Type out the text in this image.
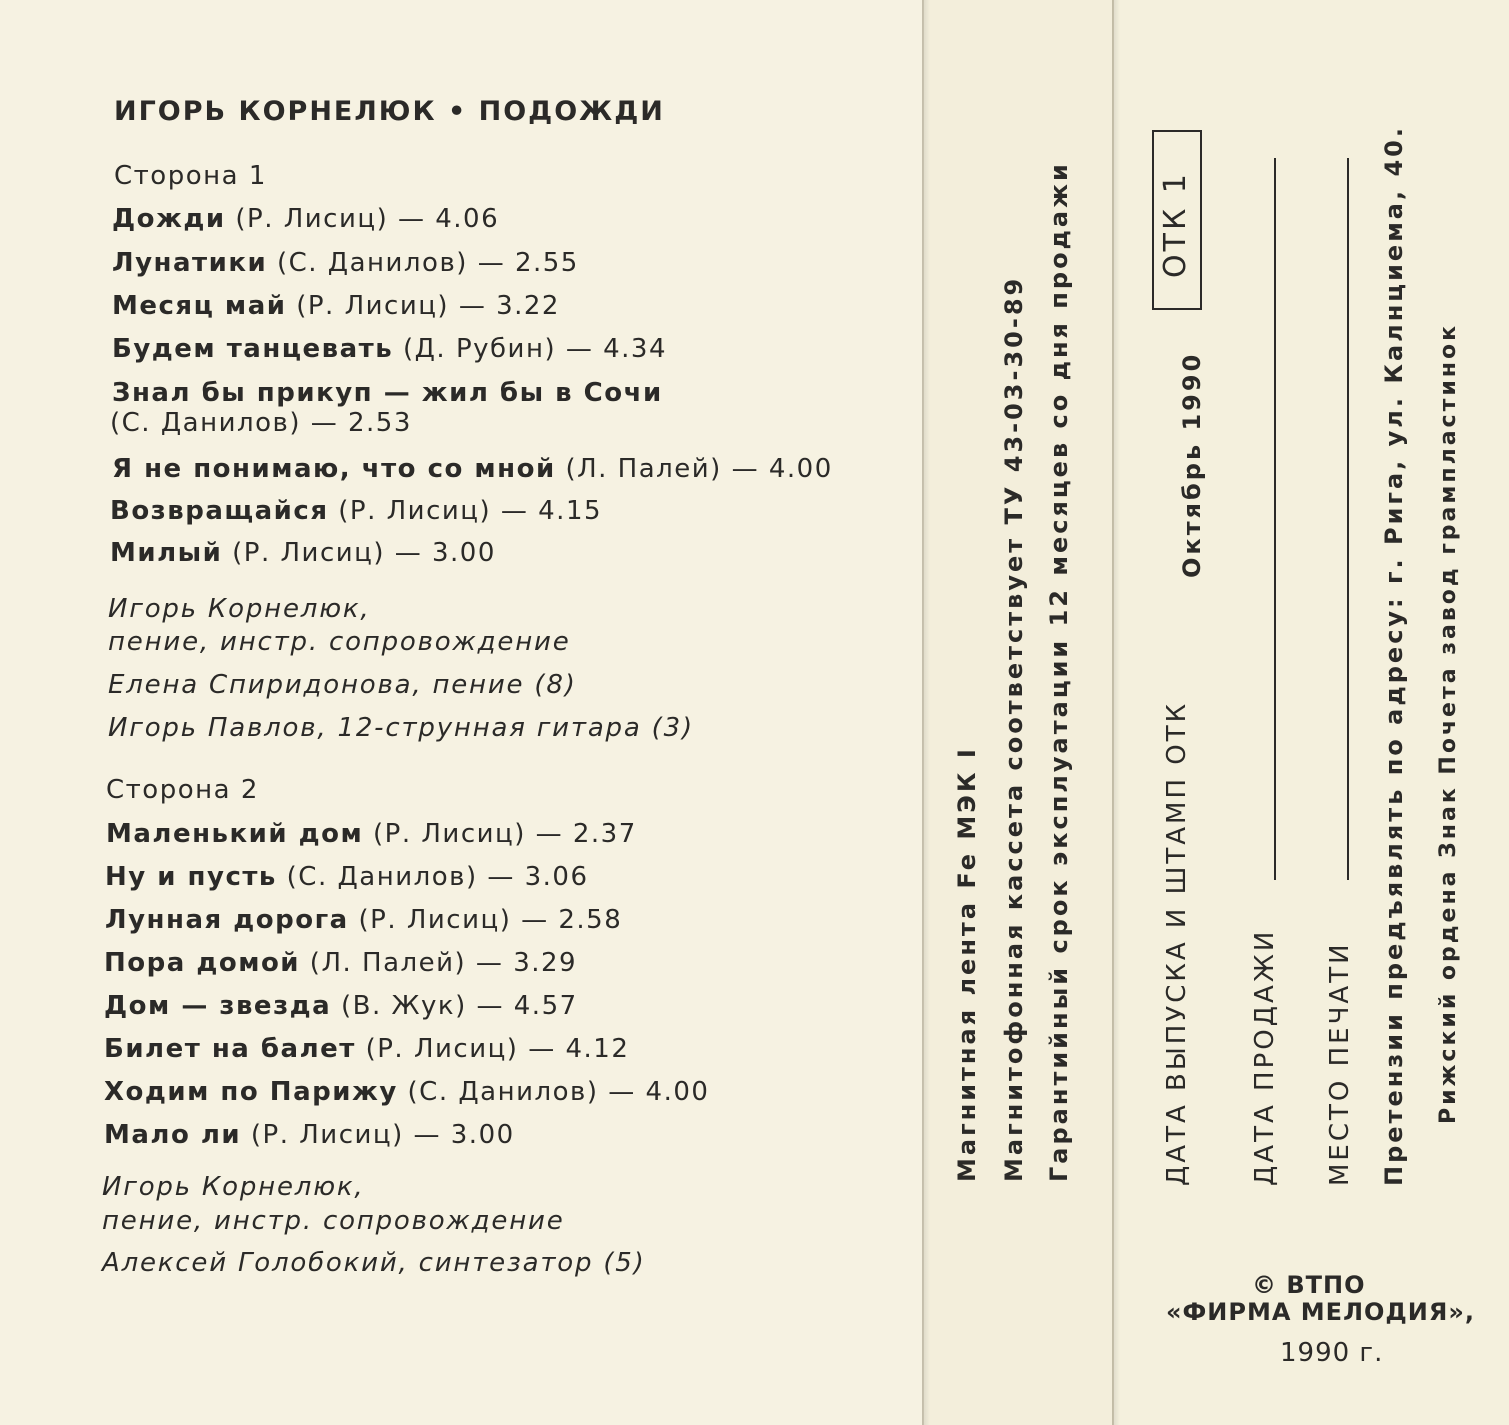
ИГОРЬ КОРНЕЛЮК • ПОДОЖДИ
Сторона 1
Дожди (Р. Лисиц) — 4.06
Лунатики (С. Данилов) — 2.55
Месяц май (Р. Лисиц) — 3.22
Будем танцевать (Д. Рубин) — 4.34
Знал бы прикуп — жил бы в Сочи
(С. Данилов) — 2.53
Я не понимаю, что со мной (Л. Палей) — 4.00
Возвращайся (Р. Лисиц) — 4.15
Милый (Р. Лисиц) — 3.00
Игорь Корнелюк,
пение, инстр. сопровождение
Елена Спиридонова, пение (8)
Игорь Павлов, 12-струнная гитара (3)
Сторона 2
Маленький дом (Р. Лисиц) — 2.37
Ну и пусть (С. Данилов) — 3.06
Лунная дорога (Р. Лисиц) — 2.58
Пора домой (Л. Палей) — 3.29
Дом — звезда (В. Жук) — 4.57
Билет на балет (Р. Лисиц) — 4.12
Ходим по Парижу (С. Данилов) — 4.00
Мало ли (Р. Лисиц) — 3.00
Игорь Корнелюк,
пение, инстр. сопровождение
Алексей Голобокий, синтезатор (5)
Магнитная лента Fe МЭК I Магнитофонная кассета соответствует ТУ 43-03-30-89 Гарантийный срок эксплуатации 12 месяцев со дня продажи	ОТК 1
Октябрь 1990
ДАТА ВЫПУСКА И ШТАМП ОТК ДАТА ПРОДАЖИ МЕСТО ПЕЧАТИ Претензии предъявлять по адресу: г. Рига, ул. Калнциема, 40. Рижский ордена Знак Почета завод грампластинок
© ВТПО
«ФИРМА МЕЛОДИЯ»,
1990 г.
